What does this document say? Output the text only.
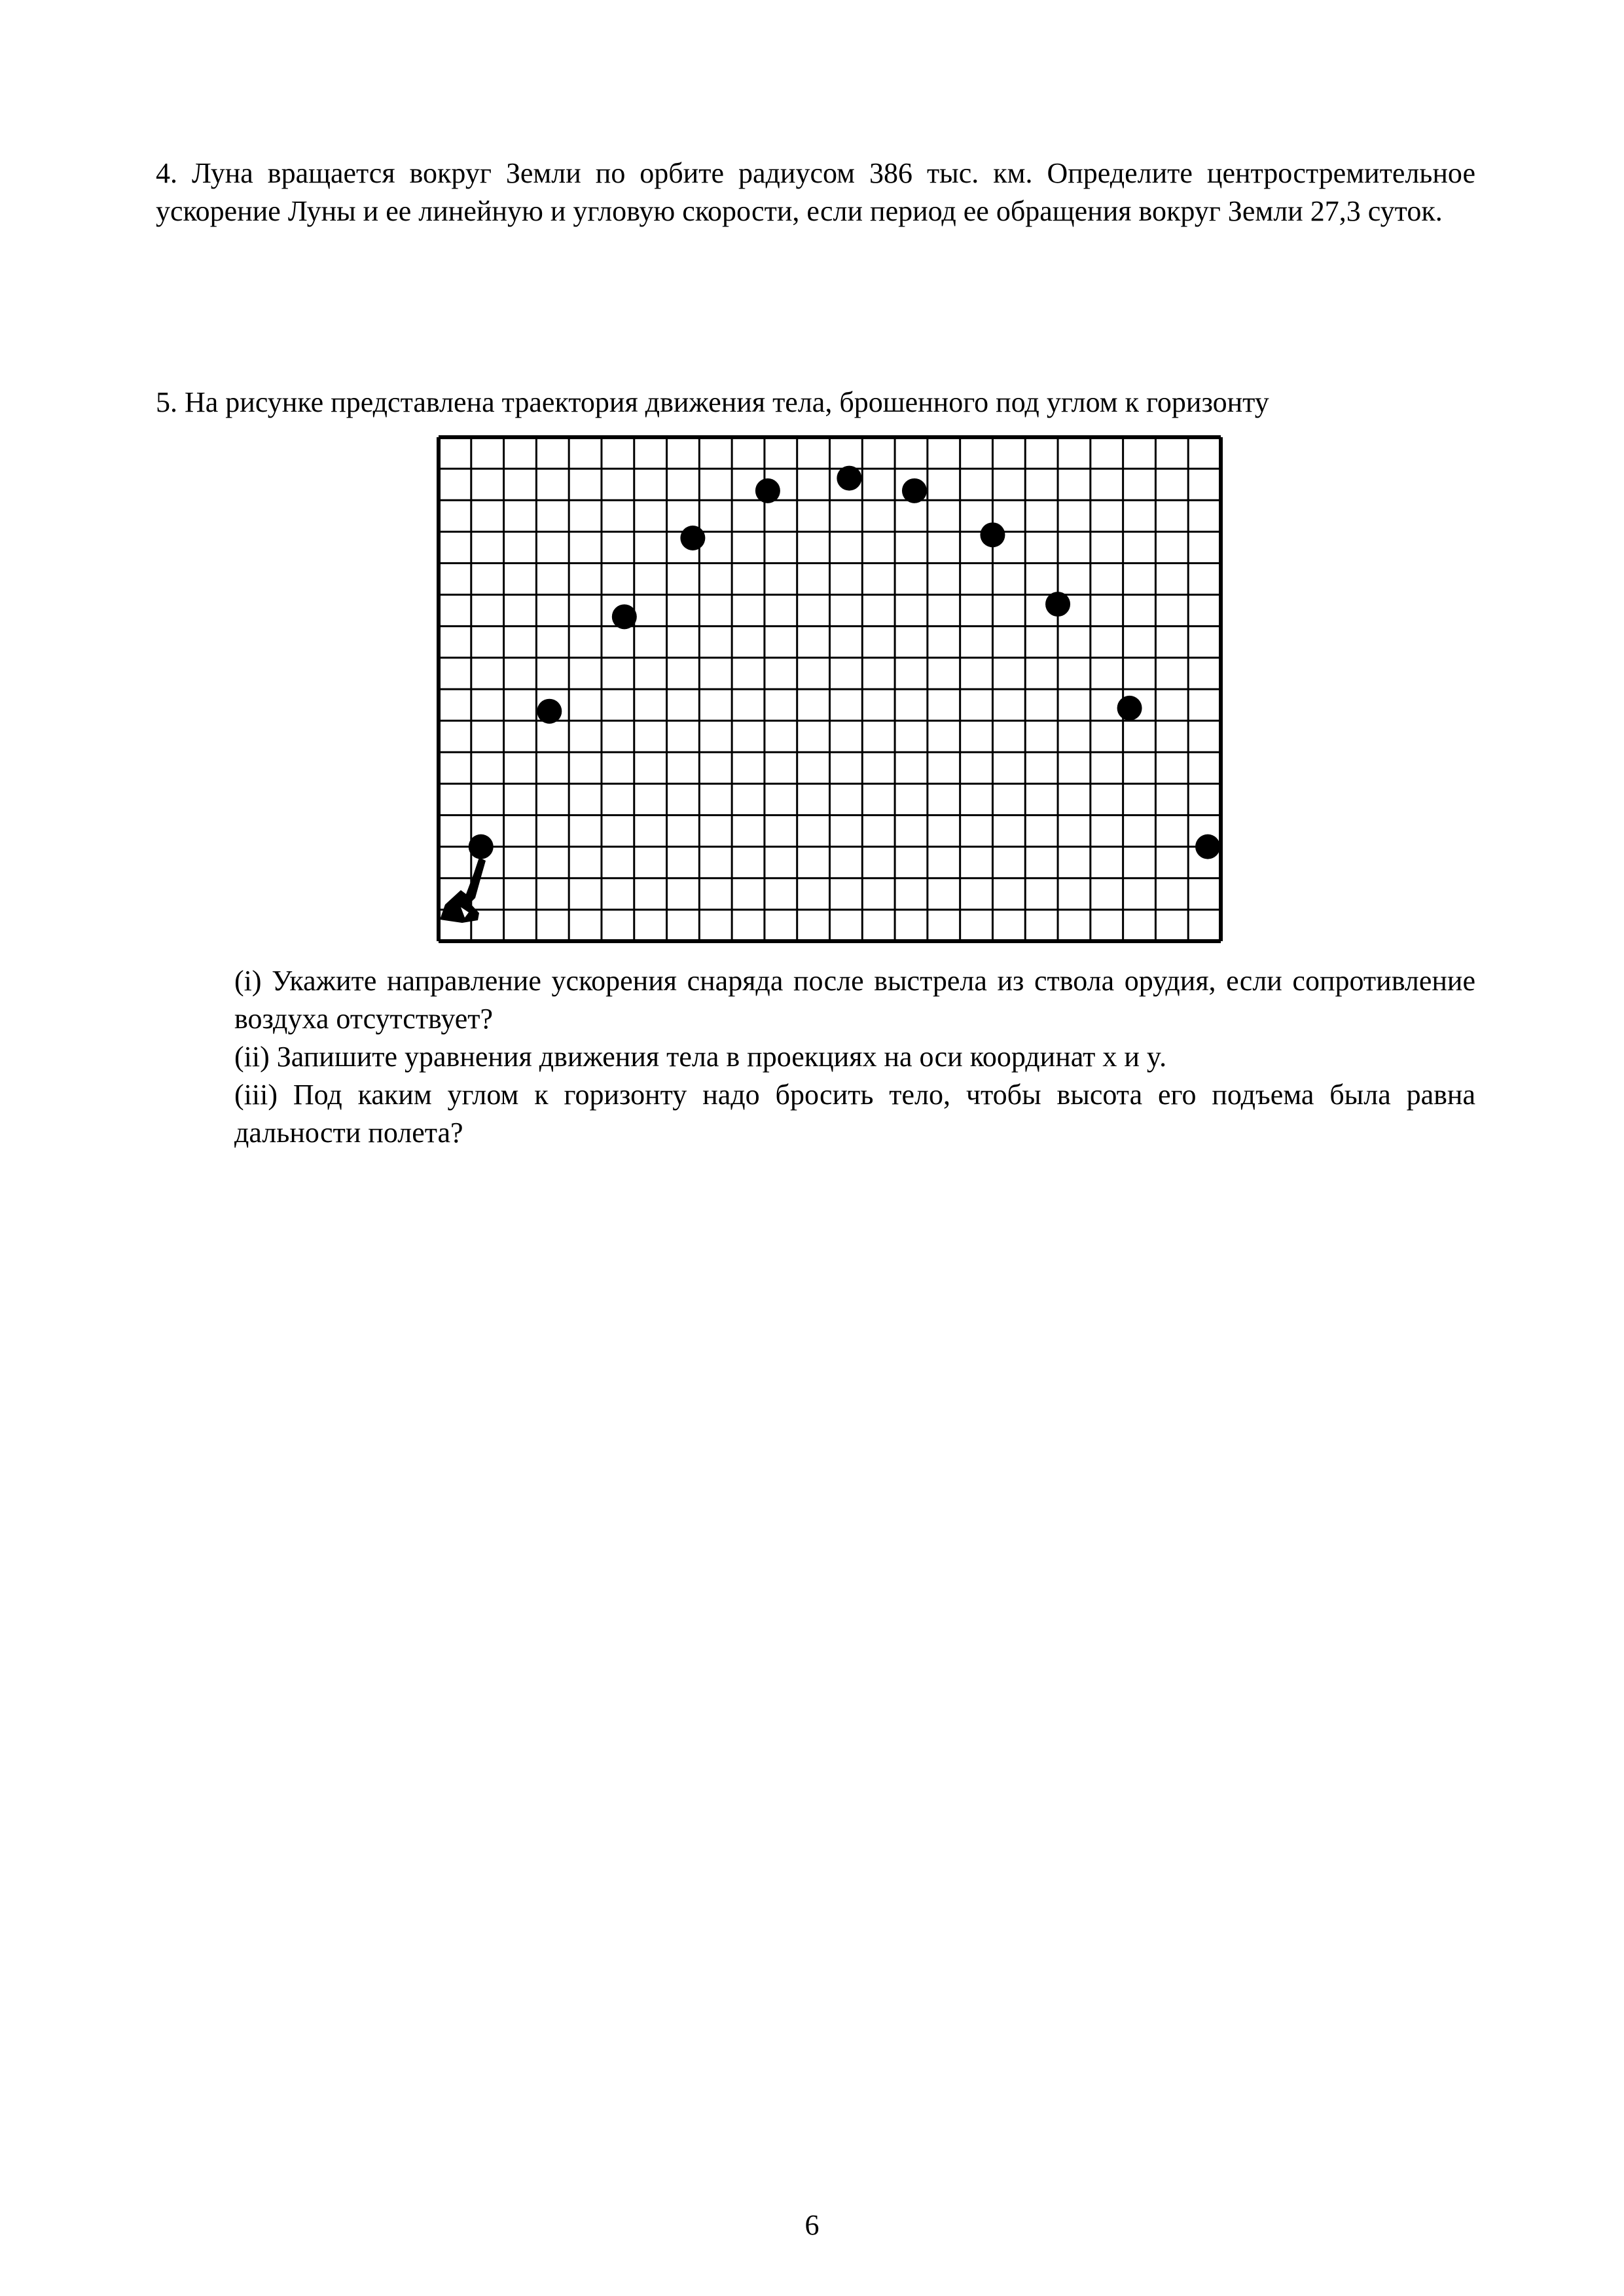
4. Луна вращается вокруг Земли по орбите радиусом 386 тыс. км. Определите центростремительное ускорение Луны и ее линейную и угловую скорости, если период ее обращения вокруг Земли 27,3 суток.
5. На рисунке представлена траектория движения тела, брошенного под углом к горизонту
(i) Укажите направление ускорения снаряда после выстрела из ствола орудия, если сопротивление воздуха отсутствует?
(ii) Запишите уравнения движения тела в проекциях на оси координат x и y.
(iii) Под каким углом к горизонту надо бросить тело, чтобы высота его подъема была равна дальности полета?
6
